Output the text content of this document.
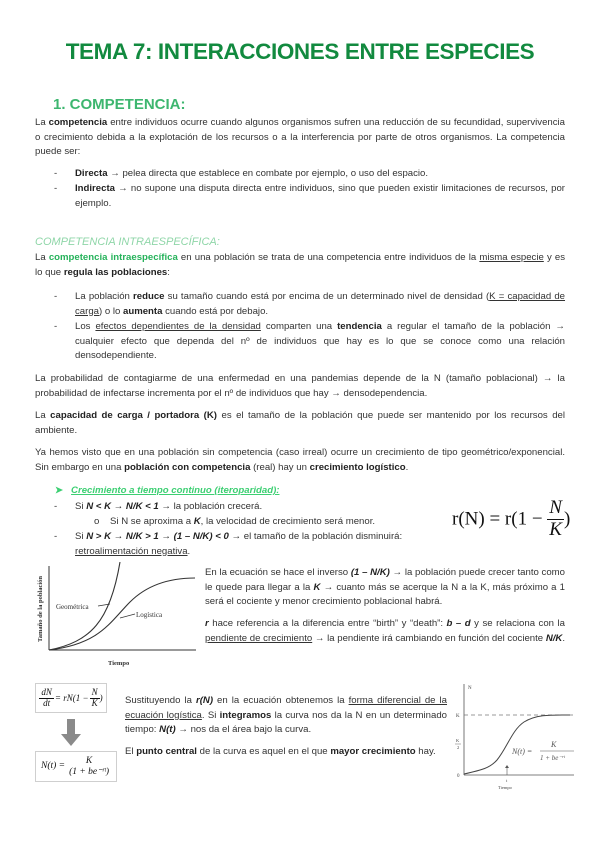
TEMA 7: INTERACCIONES ENTRE ESPECIES
1. COMPETENCIA:
La competencia entre individuos ocurre cuando algunos organismos sufren una reducción de su fecundidad, supervivencia o crecimiento debida a la explotación de los recursos o a la interferencia por parte de otros organismos. La competencia puede ser:
- Directa → pelea directa que establece en combate por ejemplo, o uso del espacio.
- Indirecta → no supone una disputa directa entre individuos, sino que pueden existir limitaciones de recursos, por ejemplo.
COMPETENCIA INTRAESPECÍFICA:
La competencia intraespecífica en una población se trata de una competencia entre individuos de la misma especie y es lo que regula las poblaciones:
- La población reduce su tamaño cuando está por encima de un determinado nivel de densidad (K = capacidad de carga) o lo aumenta cuando está por debajo.
- Los efectos dependientes de la densidad comparten una tendencia a regular el tamaño de la población → cualquier efecto que dependa del nº de individuos que hay es lo que se conoce como una relación densodependiente.
La probabilidad de contagiarme de una enfermedad en una pandemias depende de la N (tamaño poblacional) → la probabilidad de infectarse incrementa por el nº de individuos que hay → densodependencia.
La capacidad de carga / portadora (K) es el tamaño de la población que puede ser mantenido por los recursos del ambiente.
Ya hemos visto que en una población sin competencia (caso irreal) ocurre un crecimiento de tipo geométrico/exponencial. Sin embargo en una población con competencia (real) hay un crecimiento logístico.
➤ Crecimiento a tiempo continuo (iteroparidad):
- Si N < K → N/K < 1 → la población crecerá.
o Si N se aproxima a K, la velocidad de crecimiento será menor.
- Si N > K → N/K > 1 → (1 – N/K) < 0 → el tamaño de la población disminuirá: retroalimentación negativa.
$r(N) = r(1 - \frac{N}{K}$ )
Geométrica
Logística
Tiempo
Tamaño de la población
En la ecuación se hace el inverso (1 – N/K) → la población puede crecer tanto como le quede para llegar a la K → cuanto más se acerque la N a la K, más próximo a 1 será el cociente y menor crecimiento poblacional habrá.
r hace referencia a la diferencia entre “birth” y “death”: b – d y se relaciona con la pendiente de crecimiento → la pendiente irá cambiando en función del cociente N/K.
$\frac{dN}{dt} = rN(1 - \frac{N}{K}$ )
N(t) =
K
(1 + be⁻ʳᵗ)
Sustituyendo la r(N) en la ecuación obtenemos la forma diferencial de la ecuación logística. Si integramos la curva nos da la N en un determinado tiempo: N(t) → nos da el área bajo la curva.
El punto central de la curva es aquel en el que mayor crecimiento hay.
N
K
K
2
0
t
Tiempo
N(t) =
K
1 + be⁻ʳᵗ
